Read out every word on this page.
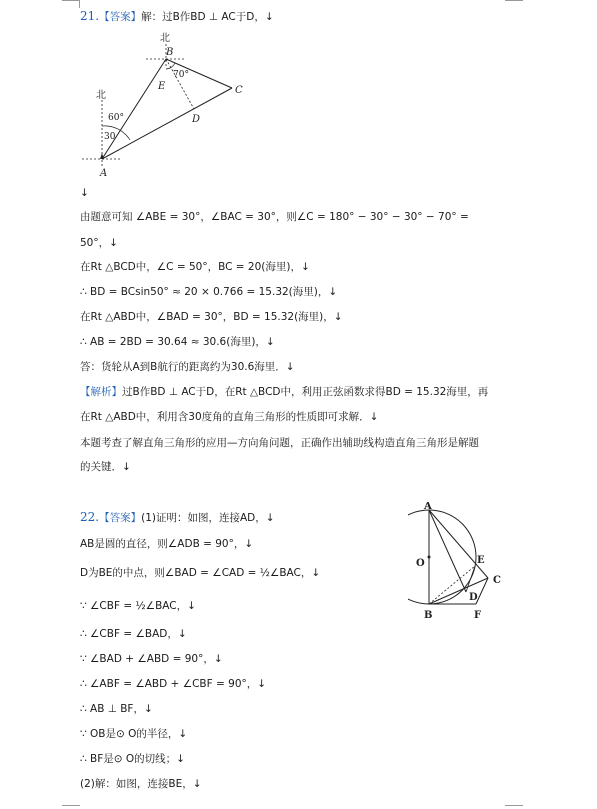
21.【答案】解：过B作BD ⊥ AC于D，↓
北
70°
B
E	C
D
北
60°
30
A
↓
由题意可知 ∠ABE = 30°，∠BAC = 30°，则∠C = 180° − 30° − 30° − 70° =
50°，↓
在Rt △BCD中，∠C = 50°，BC = 20(海里)，↓
∴ BD = BCsin50° ≈ 20 × 0.766 = 15.32(海里)，↓
在Rt △ABD中，∠BAD = 30°，BD = 15.32(海里)，↓
∴ AB = 2BD = 30.64 ≈ 30.6(海里)，↓
答：货轮从A到B航行的距离约为30.6海里．↓
【解析】过B作BD ⊥ AC于D，在Rt △BCD中，利用正弦函数求得BD = 15.32海里，再
在Rt △ABD中，利用含30度角的直角三角形的性质即可求解．↓
本题考查了解直角三角形的应用—方向角问题，正确作出辅助线构造直角三角形是解题
的关键．↓
22.【答案】(1)证明：如图，连接AD，↓
AB是圆的直径，则∠ADB = 90°，↓
D为BE的中点，则∠BAD = ∠CAD = ½∠BAC，↓
∵ ∠CBF = ½∠BAC，↓
∴ ∠CBF = ∠BAD，↓
∵ ∠BAD + ∠ABD = 90°，↓
∴ ∠ABF = ∠ABD + ∠CBF = 90°，↓
∴ AB ⊥ BF，↓
∵ OB是⊙ O的半径，↓
∴ BF是⊙ O的切线；↓
(2)解：如图，连接BE，↓
A
O	E
C
D
B	F
